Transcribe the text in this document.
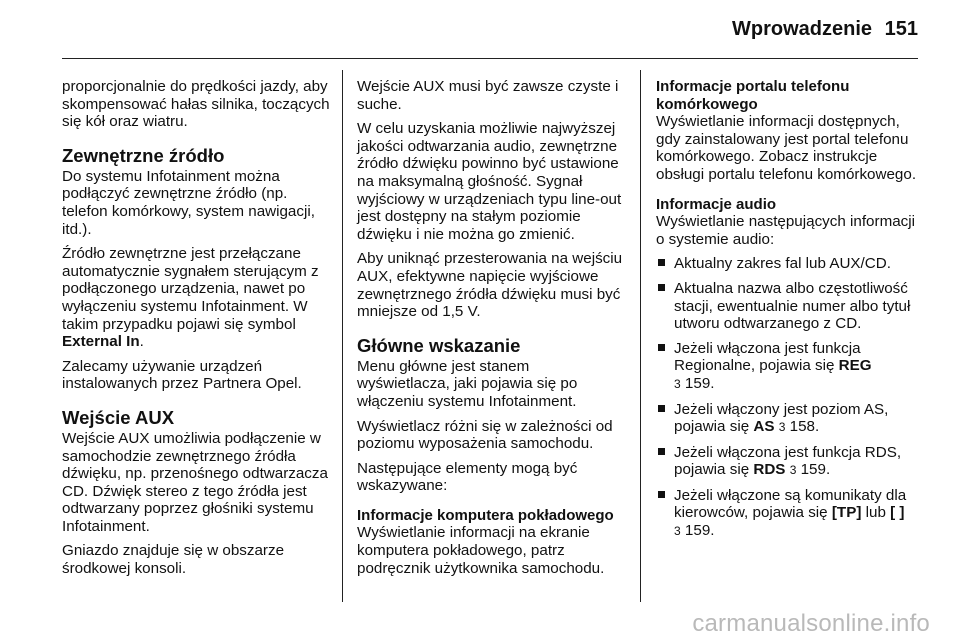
Wprowadzenie 151

proporcjonalnie do prędkości jazdy, aby skompensować hałas silnika, toczących się kół oraz wiatru.

Zewnętrzne źródło

Do systemu Infotainment można podłączyć zewnętrzne źródło (np. telefon komórkowy, system nawigacji, itd.).

Źródło zewnętrzne jest przełączane automatycznie sygnałem sterującym z podłączonego urządzenia, nawet po wyłączeniu systemu Infotainment. W takim przypadku pojawi się symbol External In.

Zalecamy używanie urządzeń instalowanych przez Partnera Opel.

Wejście AUX

Wejście AUX umożliwia podłączenie w samochodzie zewnętrznego źródła dźwięku, np. przenośnego odtwarzacza CD. Dźwięk stereo z tego źródła jest odtwarzany poprzez głośniki systemu Infotainment.

Gniazdo znajduje się w obszarze środkowej konsoli.

Wejście AUX musi być zawsze czyste i suche.

W celu uzyskania możliwie najwyższej jakości odtwarzania audio, zewnętrzne źródło dźwięku powinno być ustawione na maksymalną głośność. Sygnał wyjściowy w urządzeniach typu line-out jest dostępny na stałym poziomie dźwięku i nie można go zmienić.

Aby uniknąć przesterowania na wejściu AUX, efektywne napięcie wyjściowe zewnętrznego źródła dźwięku musi być mniejsze od 1,5 V.

Główne wskazanie

Menu główne jest stanem wyświetlacza, jaki pojawia się po włączeniu systemu Infotainment.

Wyświetlacz różni się w zależności od poziomu wyposażenia samochodu.

Następujące elementy mogą być wskazywane:

Informacje komputera pokładowego

Wyświetlanie informacji na ekranie komputera pokładowego, patrz podręcznik użytkownika samochodu.

Informacje portalu telefonu komórkowego

Wyświetlanie informacji dostępnych, gdy zainstalowany jest portal telefonu komórkowego. Zobacz instrukcje obsługi portalu telefonu komórkowego.

Informacje audio

Wyświetlanie następujących informacji o systemie audio:

Aktualny zakres fal lub AUX/CD.
Aktualna nazwa albo częstotliwość stacji, ewentualnie numer albo tytuł utworu odtwarzanego z CD.
Jeżeli włączona jest funkcja Regionalne, pojawia się REG
3 159.
Jeżeli włączony jest poziom AS, pojawia się AS 3 158.
Jeżeli włączona jest funkcja RDS, pojawia się RDS 3 159.
Jeżeli włączone są komunikaty dla kierowców, pojawia się [TP] lub [ ]
3 159.
carmanualsonline.info
